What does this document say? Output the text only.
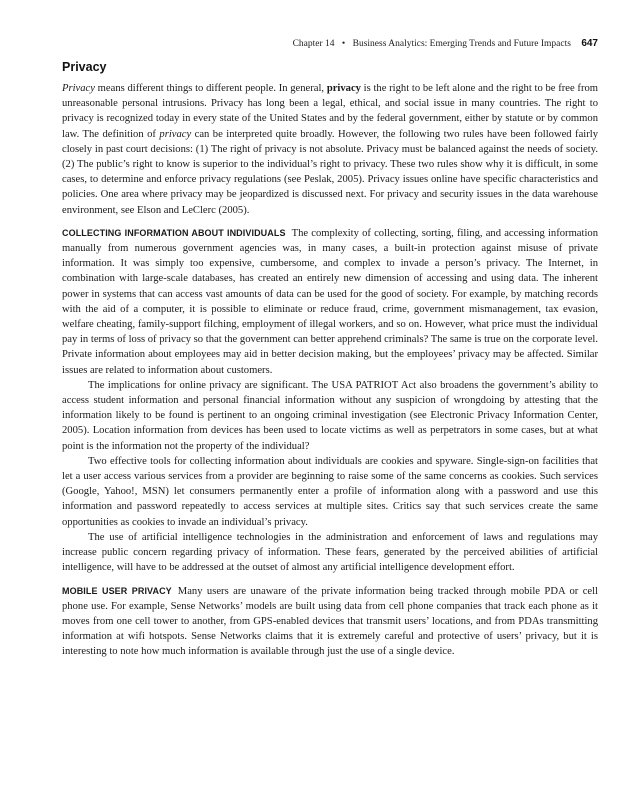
Chapter 14 • Business Analytics: Emerging Trends and Future Impacts 647
Privacy

Privacy means different things to different people. In general, privacy is the right to be left alone and the right to be free from unreasonable personal intrusions. Privacy has long been a legal, ethical, and social issue in many countries. The right to privacy is recognized today in every state of the United States and by the federal government, either by statute or by common law. The definition of privacy can be interpreted quite broadly. However, the following two rules have been followed fairly closely in past court decisions: (1) The right of privacy is not absolute. Privacy must be balanced against the needs of society. (2) The public’s right to know is superior to the individual’s right to privacy. These two rules show why it is difficult, in some cases, to determine and enforce privacy regulations (see Peslak, 2005). Privacy issues online have specific characteristics and policies. One area where privacy may be jeopardized is discussed next. For privacy and security issues in the data warehouse environment, see Elson and LeClerc (2005).

COLLECTING INFORMATION ABOUT INDIVIDUALS The complexity of collecting, sorting, filing, and accessing information manually from numerous government agencies was, in many cases, a built-in protection against misuse of private information. It was simply too expensive, cumbersome, and complex to invade a person’s privacy. The Internet, in combination with large-scale databases, has created an entirely new dimension of accessing and using data. The inherent power in systems that can access vast amounts of data can be used for the good of society. For example, by matching records with the aid of a computer, it is possible to eliminate or reduce fraud, crime, government mismanagement, tax evasion, welfare cheating, family-support filching, employment of illegal workers, and so on. However, what price must the individual pay in terms of loss of privacy so that the government can better apprehend criminals? The same is true on the corporate level. Private information about employees may aid in better decision making, but the employees’ privacy may be affected. Similar issues are related to information about customers.

The implications for online privacy are significant. The USA PATRIOT Act also broadens the government’s ability to access student information and personal financial information without any suspicion of wrongdoing by attesting that the information likely to be found is pertinent to an ongoing criminal investigation (see Electronic Privacy Information Center, 2005). Location information from devices has been used to locate victims as well as perpetrators in some cases, but at what point is the information not the property of the individual?

Two effective tools for collecting information about individuals are cookies and spyware. Single-sign-on facilities that let a user access various services from a provider are beginning to raise some of the same concerns as cookies. Such services (Google, Yahoo!, MSN) let consumers permanently enter a profile of information along with a password and use this information and password repeatedly to access services at multiple sites. Critics say that such services create the same opportunities as cookies to invade an individual’s privacy.

The use of artificial intelligence technologies in the administration and enforcement of laws and regulations may increase public concern regarding privacy of information. These fears, generated by the perceived abilities of artificial intelligence, will have to be addressed at the outset of almost any artificial intelligence development effort.

MOBILE USER PRIVACY Many users are unaware of the private information being tracked through mobile PDA or cell phone use. For example, Sense Networks’ models are built using data from cell phone companies that track each phone as it moves from one cell tower to another, from GPS-enabled devices that transmit users’ locations, and from PDAs transmitting information at wifi hotspots. Sense Networks claims that it is extremely careful and protective of users’ privacy, but it is interesting to note how much information is available through just the use of a single device.
